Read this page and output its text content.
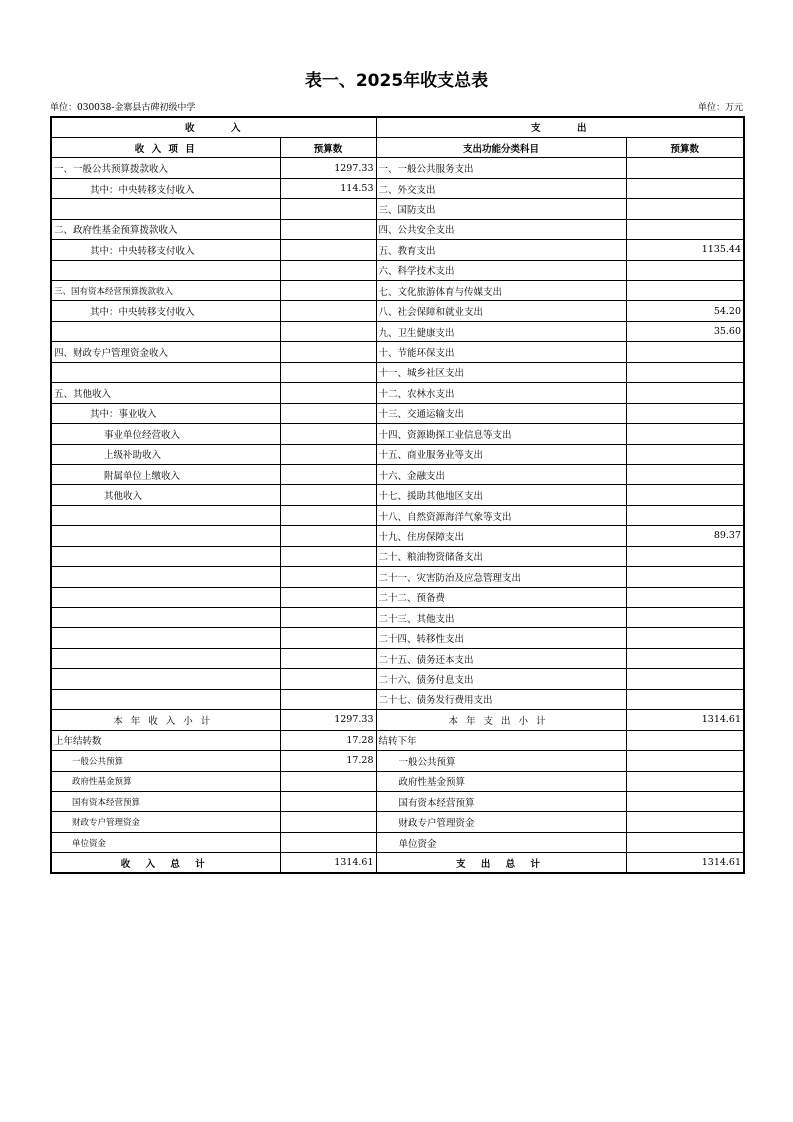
表一、2025年收支总表
单位：030038-金寨县古碑初级中学	单位：万元
收　　　入		支　　　出	
收 入 项 目	预算数	支出功能分类科目	预算数
一、一般公共预算拨款收入	1297.33	一、一般公共服务支出	
其中：中央转移支付收入	114.53	二、外交支出	
		三、国防支出	
二、政府性基金预算拨款收入		四、公共安全支出	
其中：中央转移支付收入		五、教育支出	1135.44
		六、科学技术支出	
三、国有资本经营预算拨款收入		七、文化旅游体育与传媒支出	
其中：中央转移支付收入		八、社会保障和就业支出	54.20
		九、卫生健康支出	35.60
四、财政专户管理资金收入		十、节能环保支出	
		十一、城乡社区支出	
五、其他收入		十二、农林水支出	
其中：事业收入		十三、交通运输支出	
事业单位经营收入		十四、资源勘探工业信息等支出	
上级补助收入		十五、商业服务业等支出	
附属单位上缴收入		十六、金融支出	
其他收入		十七、援助其他地区支出	
		十八、自然资源海洋气象等支出	
		十九、住房保障支出	89.37
		二十、粮油物资储备支出	
		二十一、灾害防治及应急管理支出	
		二十二、预备费	
		二十三、其他支出	
		二十四、转移性支出	
		二十五、债务还本支出	
		二十六、债务付息支出	
		二十七、债务发行费用支出	
本年收入小计	1297.33	本年支出小计	1314.61
上年结转数	17.28	结转下年	
一般公共预算	17.28	一般公共预算	
政府性基金预算		政府性基金预算	
国有资本经营预算		国有资本经营预算	
财政专户管理资金		财政专户管理资金	
单位资金		单位资金	
收 入 总 计	1314.61	支 出 总 计	1314.61
